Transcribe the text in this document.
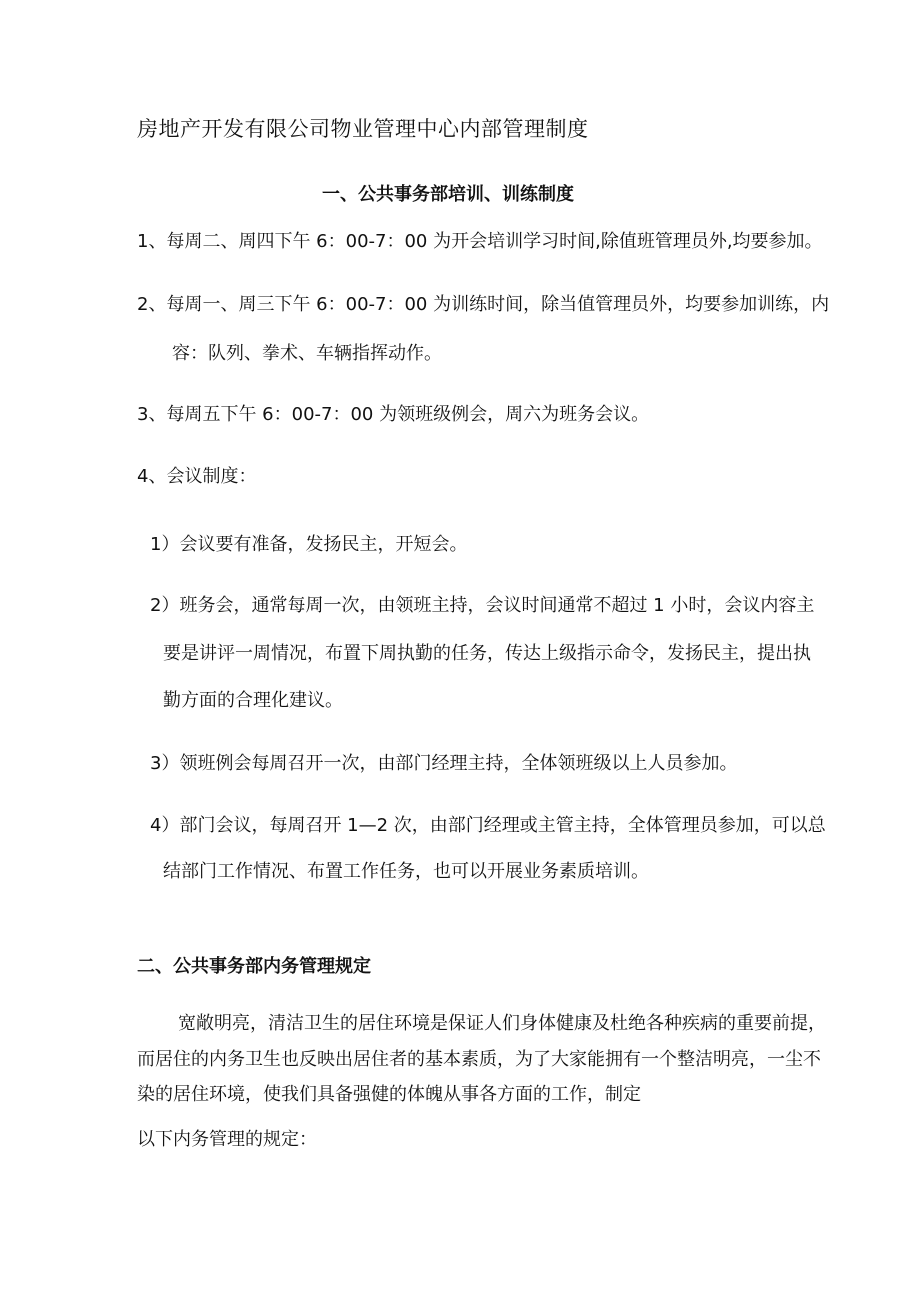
房地产开发有限公司物业管理中心内部管理制度
一、公共事务部培训、训练制度
1、每周二、周四下午 6：00-7：00 为开会培训学习时间,除值班管理员外,均要参加。
2、每周一、周三下午 6：00-7：00 为训练时间，除当值管理员外，均要参加训练，内
容：队列、拳术、车辆指挥动作。
3、每周五下午 6：00-7：00 为领班级例会，周六为班务会议。
4、会议制度：
1）会议要有准备，发扬民主，开短会。
2）班务会，通常每周一次，由领班主持，会议时间通常不超过 1 小时，会议内容主
要是讲评一周情况，布置下周执勤的任务，传达上级指示命令，发扬民主，提出执
勤方面的合理化建议。
3）领班例会每周召开一次，由部门经理主持，全体领班级以上人员参加。
4）部门会议，每周召开 1—2 次，由部门经理或主管主持，全体管理员参加，可以总
结部门工作情况、布置工作任务，也可以开展业务素质培训。
二、公共事务部内务管理规定
宽敞明亮，清洁卫生的居住环境是保证人们身体健康及杜绝各种疾病的重要前提，
而居住的内务卫生也反映出居住者的基本素质，为了大家能拥有一个整洁明亮，一尘不
染的居住环境，使我们具备强健的体魄从事各方面的工作，制定
以下内务管理的规定：
